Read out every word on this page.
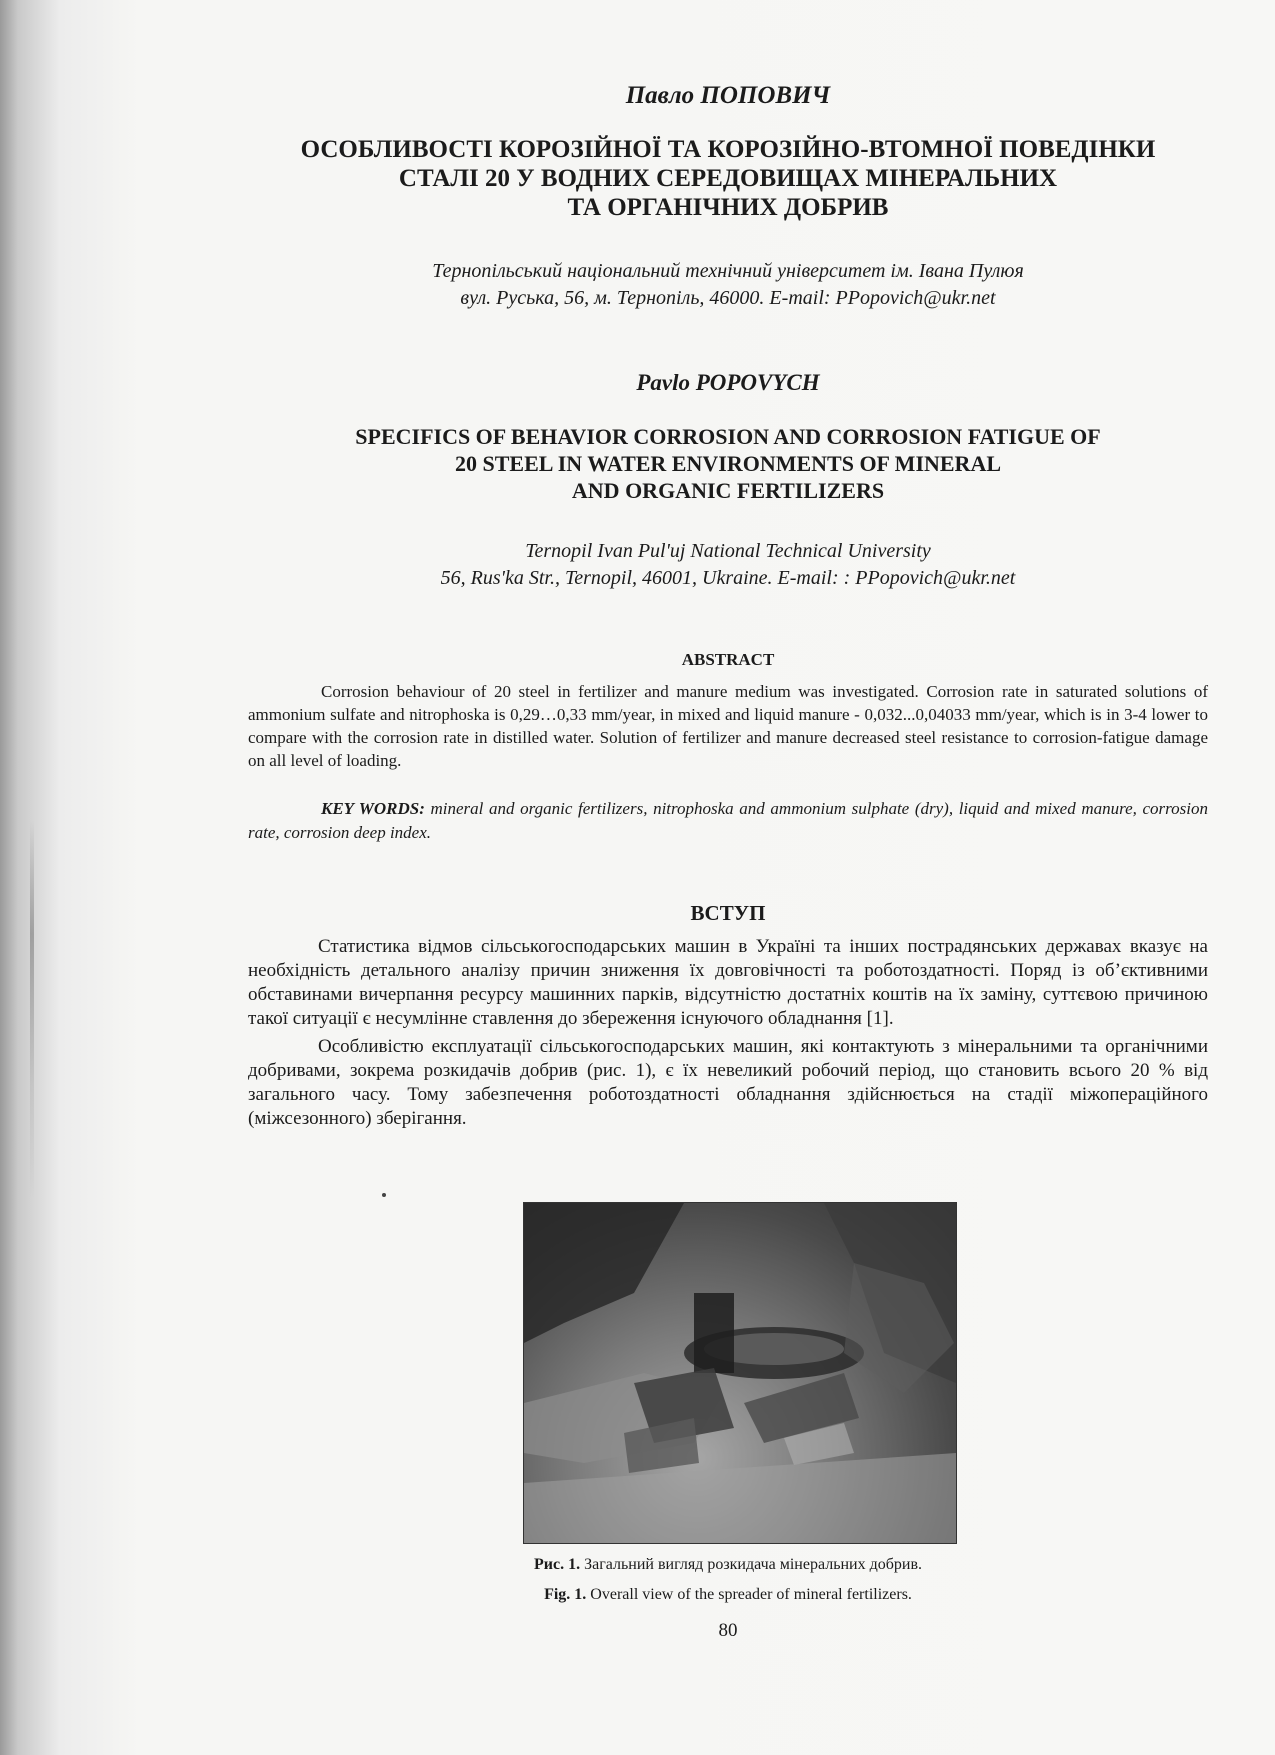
Павло ПОПОВИЧ
ОСОБЛИВОСТІ КОРОЗІЙНОЇ ТА КОРОЗІЙНО-ВТОМНОЇ ПОВЕДІНКИ
СТАЛІ 20 У ВОДНИХ СЕРЕДОВИЩАХ МІНЕРАЛЬНИХ
ТА ОРГАНІЧНИХ ДОБРИВ
Тернопільський національний технічний університет ім. Івана Пулюя
вул. Руська, 56, м. Тернопіль, 46000. E-mail: PPopovich@ukr.net
Pavlo POPOVYCH
SPECIFICS OF BEHAVIOR CORROSION AND CORROSION FATIGUE OF
20 STEEL IN WATER ENVIRONMENTS OF MINERAL
AND ORGANIC FERTILIZERS
Ternopil Ivan Pul'uj National Technical University
56, Rus'ka Str., Ternopil, 46001, Ukraine. E-mail: : PPopovich@ukr.net
ABSTRACT
Corrosion behaviour of 20 steel in fertilizer and manure medium was investigated. Corrosion rate in saturated solutions of ammonium sulfate and nitrophoska is 0,29…0,33 mm/year, in mixed and liquid manure - 0,032...0,04033 mm/year, which is in 3-4 lower to compare with the corrosion rate in distilled water. Solution of fertilizer and manure decreased steel resistance to corrosion-fatigue damage on all level of loading.
KEY WORDS: mineral and organic fertilizers, nitrophoska and ammonium sulphate (dry), liquid and mixed manure, corrosion rate, corrosion deep index.
ВСТУП

Статистика відмов сільськогосподарських машин в Україні та інших пострадянських державах вказує на необхідність детального аналізу причин зниження їх довговічності та роботоздатності. Поряд із об’єктивними обставинами вичерпання ресурсу машинних парків, відсутністю достатніх коштів на їх заміну, суттєвою причиною такої ситуації є несумлінне ставлення до збереження існуючого обладнання [1].

Особливістю експлуатації сільськогосподарських машин, які контактують з мінеральними та органічними добривами, зокрема розкидачів добрив (рис. 1), є їх невеликий робочий період, що становить всього 20 % від загального часу. Тому забезпечення роботоздатності обладнання здійснюється на стадії міжопераційного (міжсезонного) зберігання.

Рис. 1. Загальний вигляд розкидача мінеральних добрив.
Fig. 1. Overall view of the spreader of mineral fertilizers.
80
